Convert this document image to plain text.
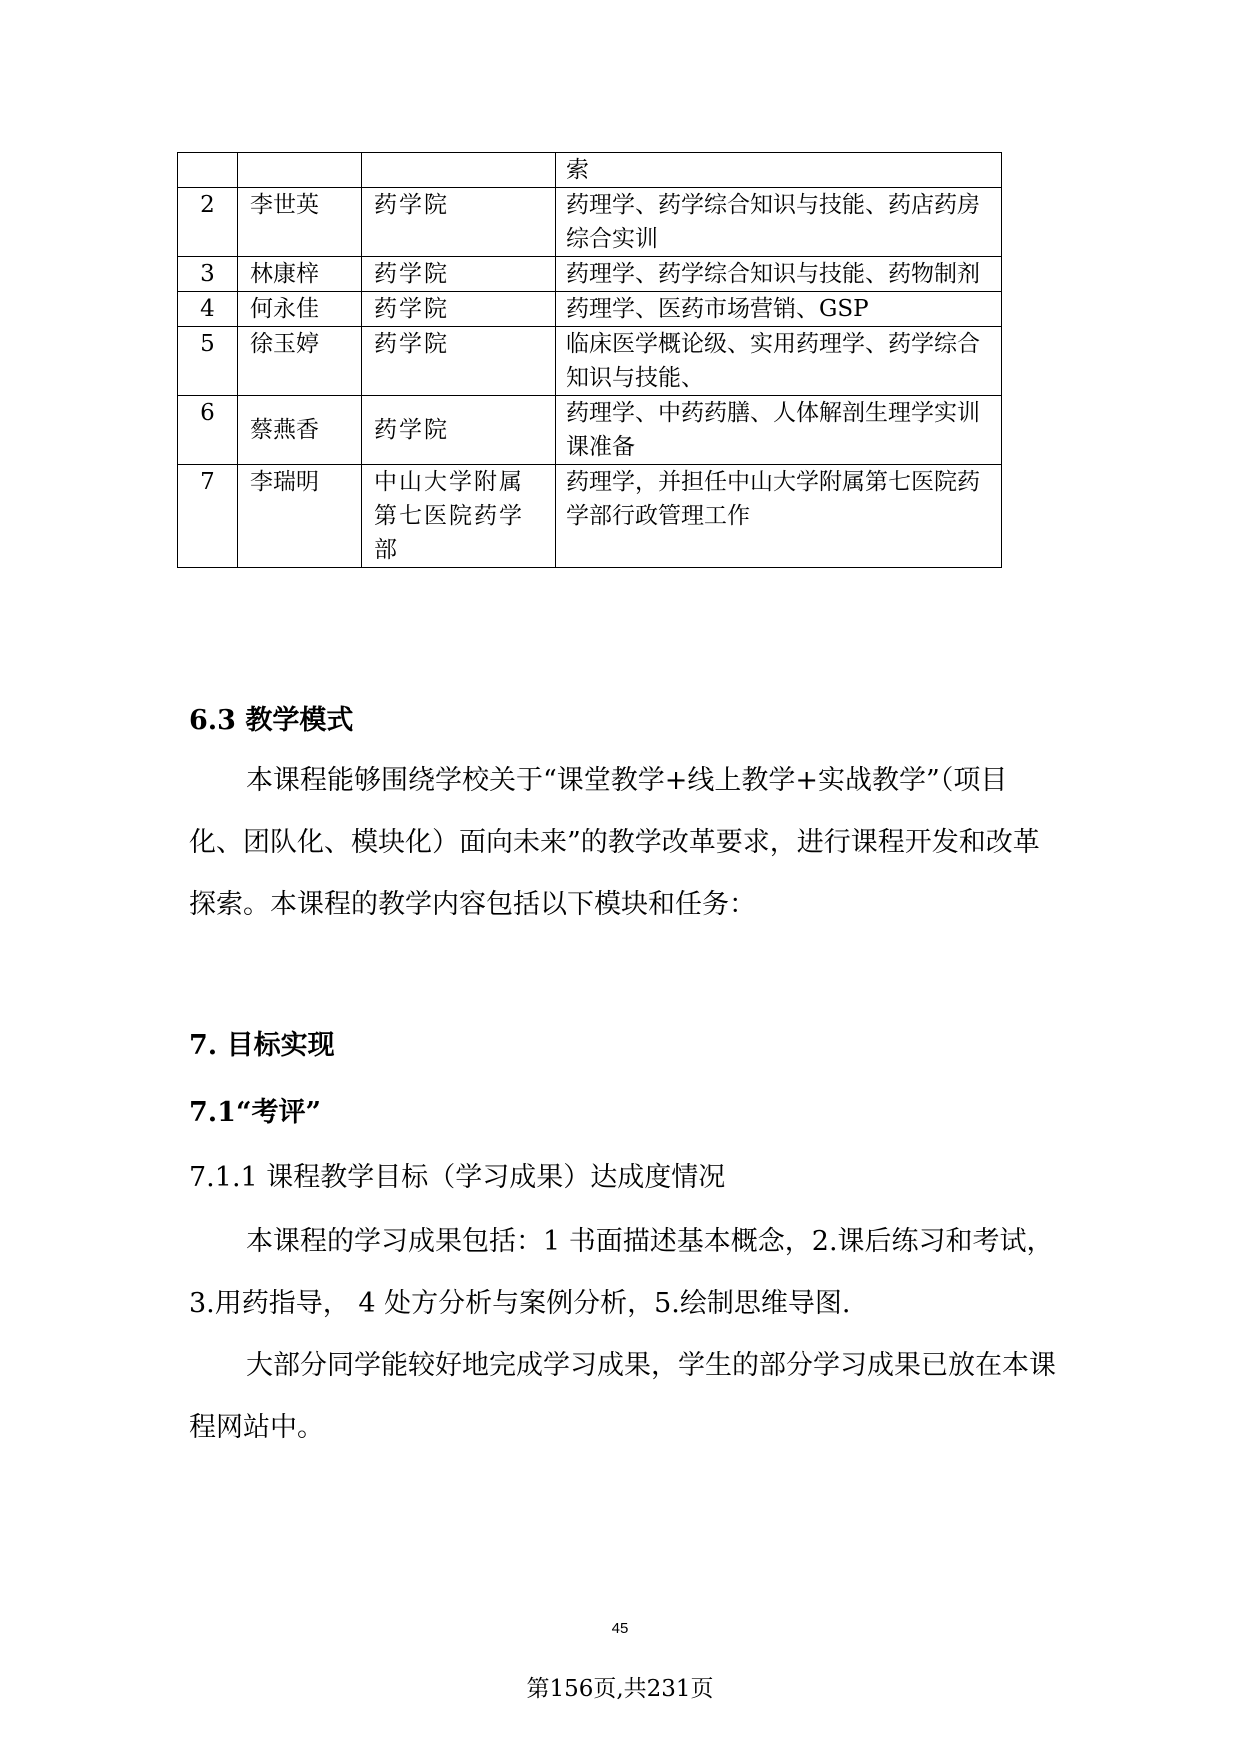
			索
2	李世英	药学院	药理学、药学综合知识与技能、药店药房综合实训
3	林康梓	药学院	药理学、药学综合知识与技能、药物制剂
4	何永佳	药学院	药理学、医药市场营销、GSP
5	徐玉婷	药学院	临床医学概论级、实用药理学、药学综合知识与技能、
6	蔡燕香	药学院	药理学、中药药膳、人体解剖生理学实训课准备
7	李瑞明	中山大学附属第七医院药学部	药理学，并担任中山大学附属第七医院药学部行政管理工作
6.3 教学模式
本课程能够围绕学校关于“课堂教学+线上教学+实战教学”（项目化、团队化、模块化）面向未来”的教学改革要求，进行课程开发和改革探索。本课程的教学内容包括以下模块和任务：
7. 目标实现
7.1“考评”
7.1.1 课程教学目标（学习成果）达成度情况
本课程的学习成果包括：1 书面描述基本概念，2.课后练习和考试，3.用药指导， 4 处方分析与案例分析，5.绘制思维导图.
大部分同学能较好地完成学习成果，学生的部分学习成果已放在本课程网站中。
45
第156页,共231页
